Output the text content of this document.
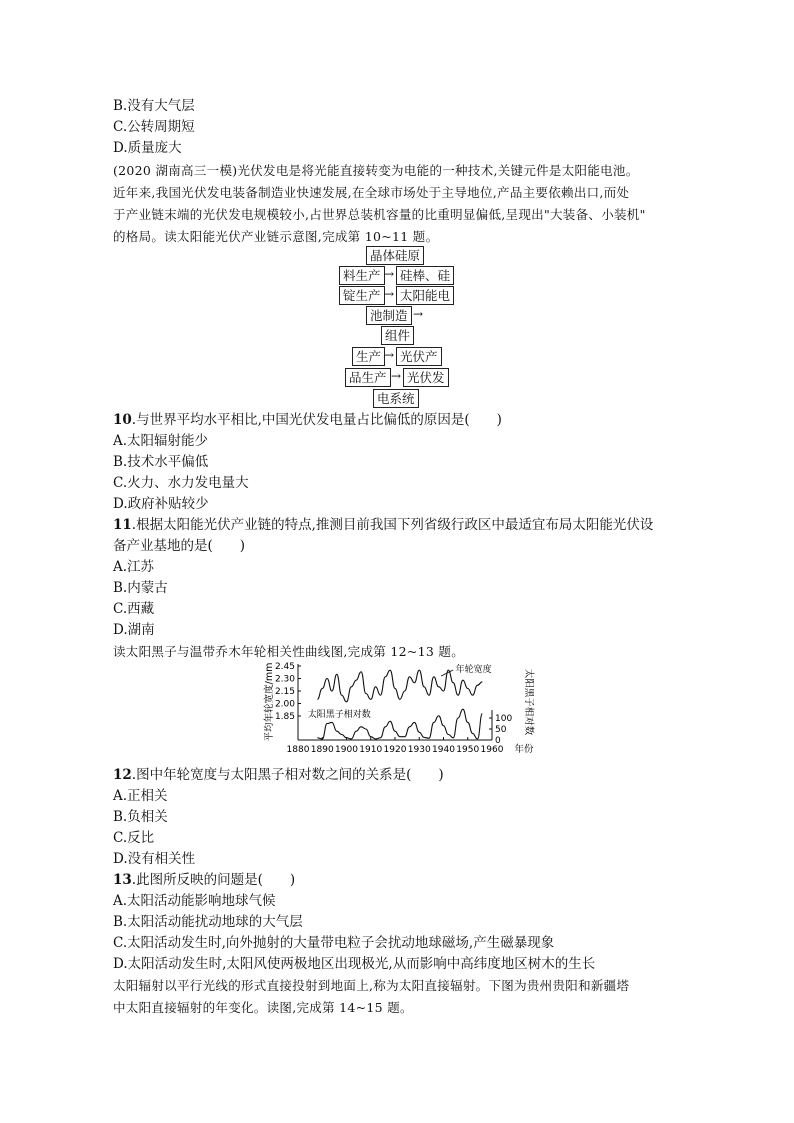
B.没有大气层
C.公转周期短
D.质量庞大
(2020 湖南高三一模)光伏发电是将光能直接转变为电能的一种技术,关键元件是太阳能电池。
近年来,我国光伏发电装备制造业快速发展,在全球市场处于主导地位,产品主要依赖出口,而处
于产业链末端的光伏发电规模较小,占世界总装机容量的比重明显偏低,呈现出"大装备、小装机"
的格局。读太阳能光伏产业链示意图,完成第 10~11 题。
晶体硅原
料生产 → 硅棒、硅
锭生产 → 太阳能电
池制造 →
组件
生产 → 光伏产
品生产 → 光伏发
电系统
10.与世界平均水平相比,中国光伏发电量占比偏低的原因是(　　)
A.太阳辐射能少
B.技术水平偏低
C.火力、水力发电量大
D.政府补贴较少
11.根据太阳能光伏产业链的特点,推测目前我国下列省级行政区中最适宜布局太阳能光伏设
备产业基地的是(　　)
A.江苏
B.内蒙古
C.西藏
D.湖南
读太阳黑子与温带乔木年轮相关性曲线图,完成第 12~13 题。
2.45
2.30
2.15
2.00
1.85	100
50
0
1880 1890 1900 1910 1920 1930 1940 1950 1960 年份
平均年轮宽度/mm	太阳黑子相对数
年轮宽度
太阳黑子相对数
12.图中年轮宽度与太阳黑子相对数之间的关系是(　　)
A.正相关
B.负相关
C.反比
D.没有相关性
13.此图所反映的问题是(　　)
A.太阳活动能影响地球气候
B.太阳活动能扰动地球的大气层
C.太阳活动发生时,向外抛射的大量带电粒子会扰动地球磁场,产生磁暴现象
D.太阳活动发生时,太阳风使两极地区出现极光,从而影响中高纬度地区树木的生长
太阳辐射以平行光线的形式直接投射到地面上,称为太阳直接辐射。下图为贵州贵阳和新疆塔
中太阳直接辐射的年变化。读图,完成第 14~15 题。
